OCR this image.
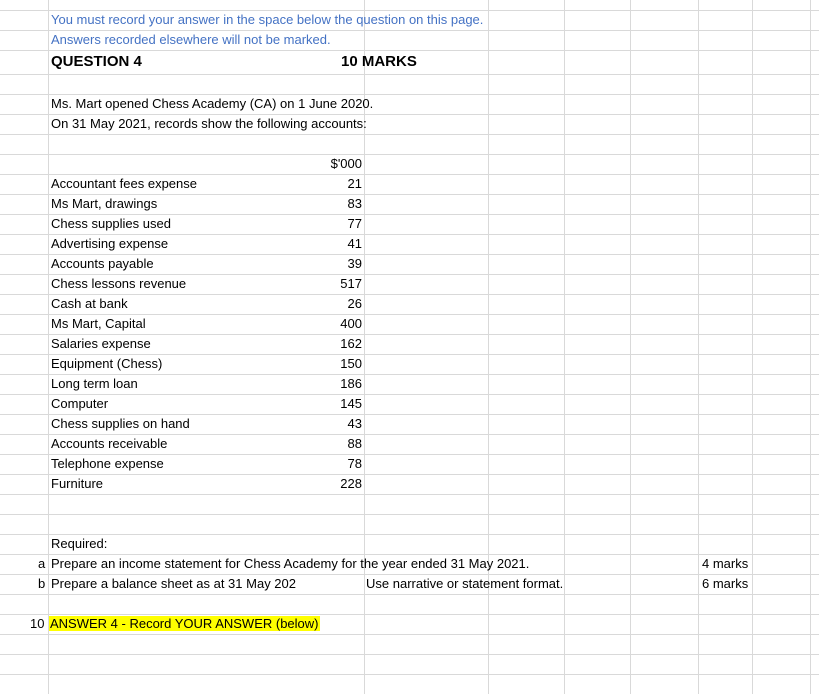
You must record your answer in the space below the question on this page.
Answers recorded elsewhere will not be marked.
QUESTION 4	10 MARKS
Ms. Mart opened Chess Academy (CA) on 1 June 2020.
On 31 May 2021, records show the following accounts:
$'000
Accountant fees expense	21
Ms Mart, drawings	83
Chess supplies used	77
Advertising expense	41
Accounts payable	39
Chess lessons revenue	517
Cash at bank	26
Ms Mart, Capital	400
Salaries expense	162
Equipment (Chess)	150
Long term loan	186
Computer	145
Chess supplies on hand	43
Accounts receivable	88
Telephone expense	78
Furniture	228
Required:
a Prepare an income statement for Chess Academy for the year ended 31 May 2021.	4 marks
b Prepare a balance sheet as at 31 May 202	Use narrative or statement format.	6 marks
10 ANSWER 4 - Record YOUR ANSWER (below)
